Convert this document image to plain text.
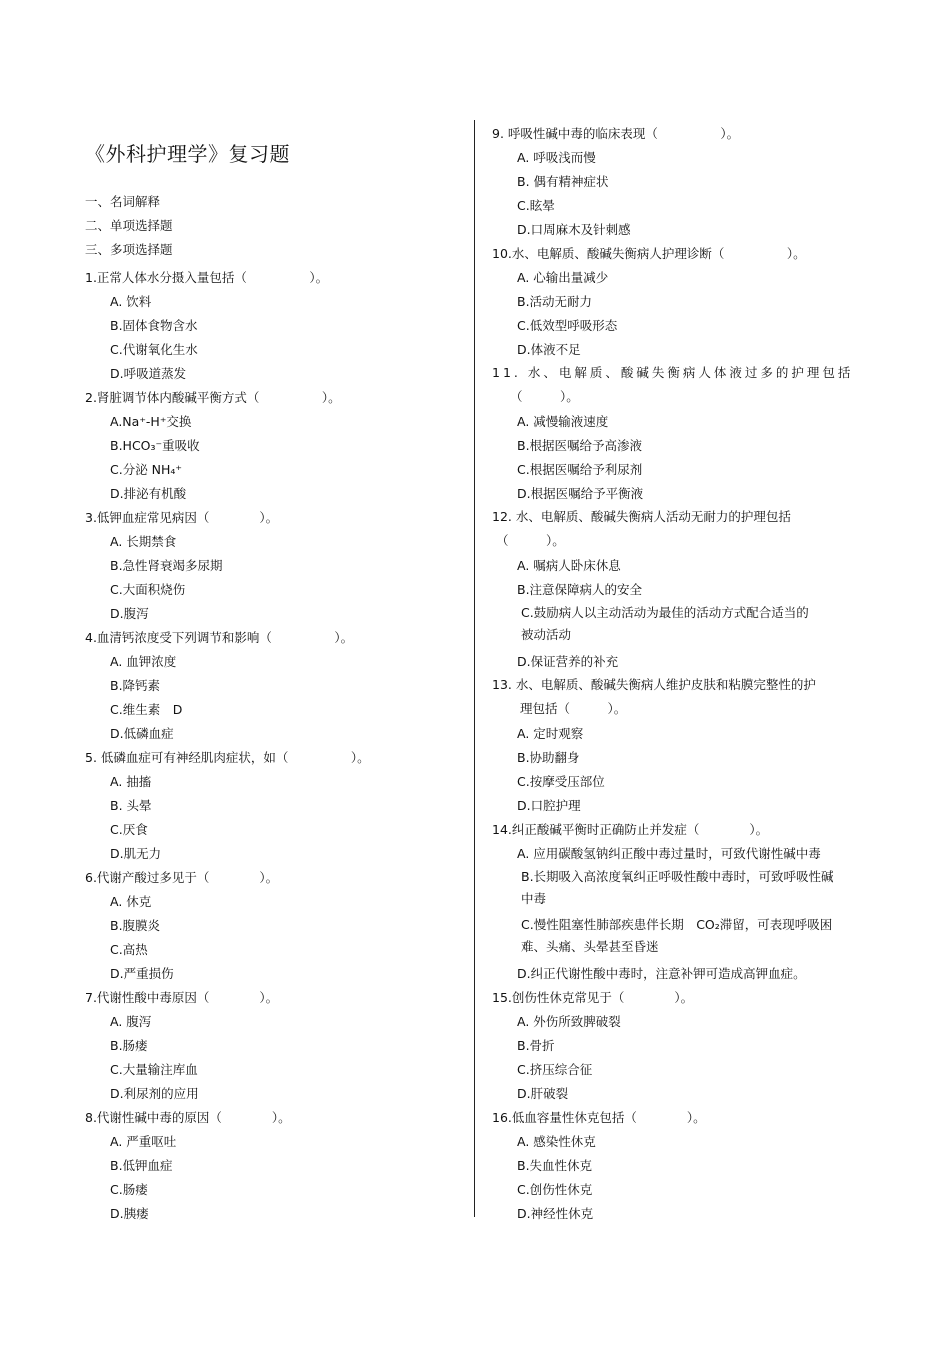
《外科护理学》复习题
一、名词解释
二、单项选择题
三、多项选择题

1.正常人体水分摄入量包括（　　　　　）。

A. 饮料

B.固体食物含水

C.代谢氧化生水

D.呼吸道蒸发

2.肾脏调节体内酸碱平衡方式（　　　　　）。

A.Na⁺-H⁺交换

B.HCO₃⁻重吸收

C.分泌 NH₄⁺

D.排泌有机酸

3.低钾血症常见病因（　　　　）。

A. 长期禁食

B.急性肾衰竭多尿期

C.大面积烧伤

D.腹泻

4.血清钙浓度受下列调节和影响（　　　　　）。

A. 血钾浓度

B.降钙素

C.维生素　D

D.低磷血症

5. 低磷血症可有神经肌肉症状，如（　　　　　）。

A. 抽搐

B. 头晕

C.厌食

D.肌无力

6.代谢产酸过多见于（　　　　）。

A. 休克

B.腹膜炎

C.高热

D.严重损伤

7.代谢性酸中毒原因（　　　　）。

A. 腹泻

B.肠瘘

C.大量输注库血

D.利尿剂的应用

8.代谢性碱中毒的原因（　　　　）。

A. 严重呕吐

B.低钾血症

C.肠瘘

D.胰瘘

9. 呼吸性碱中毒的临床表现（　　　　　）。

A. 呼吸浅而慢

B. 偶有精神症状

C.眩晕

D.口周麻木及针刺感

10.水、电解质、酸碱失衡病人护理诊断（　　　　　）。

A. 心输出量减少

B.活动无耐力

C.低效型呼吸形态

D.体液不足

11. 水、电解质、酸碱失衡病人体液过多的护理包括

（　　　）。

A. 减慢输液速度

B.根据医嘱给予高渗液

C.根据医嘱给予利尿剂

D.根据医嘱给予平衡液

12. 水、电解质、酸碱失衡病人活动无耐力的护理包括

（　　　）。

A. 嘱病人卧床休息

B.注意保障病人的安全

C.鼓励病人以主动活动为最佳的活动方式配合适当的被动活动

D.保证营养的补充

13. 水、电解质、酸碱失衡病人维护皮肤和粘膜完整性的护

理包括（　　　）。

A. 定时观察

B.协助翻身

C.按摩受压部位

D.口腔护理

14.纠正酸碱平衡时正确防止并发症（　　　　）。

A. 应用碳酸氢钠纠正酸中毒过量时，可致代谢性碱中毒

B.长期吸入高浓度氧纠正呼吸性酸中毒时，可致呼吸性碱中毒

C.慢性阻塞性肺部疾患伴长期　CO₂滞留，可表现呼吸困难、头痛、头晕甚至昏迷

D.纠正代谢性酸中毒时，注意补钾可造成高钾血症。

15.创伤性休克常见于（　　　　）。

A. 外伤所致脾破裂

B.骨折

C.挤压综合征

D.肝破裂

16.低血容量性休克包括（　　　　）。

A. 感染性休克

B.失血性休克

C.创伤性休克

D.神经性休克
